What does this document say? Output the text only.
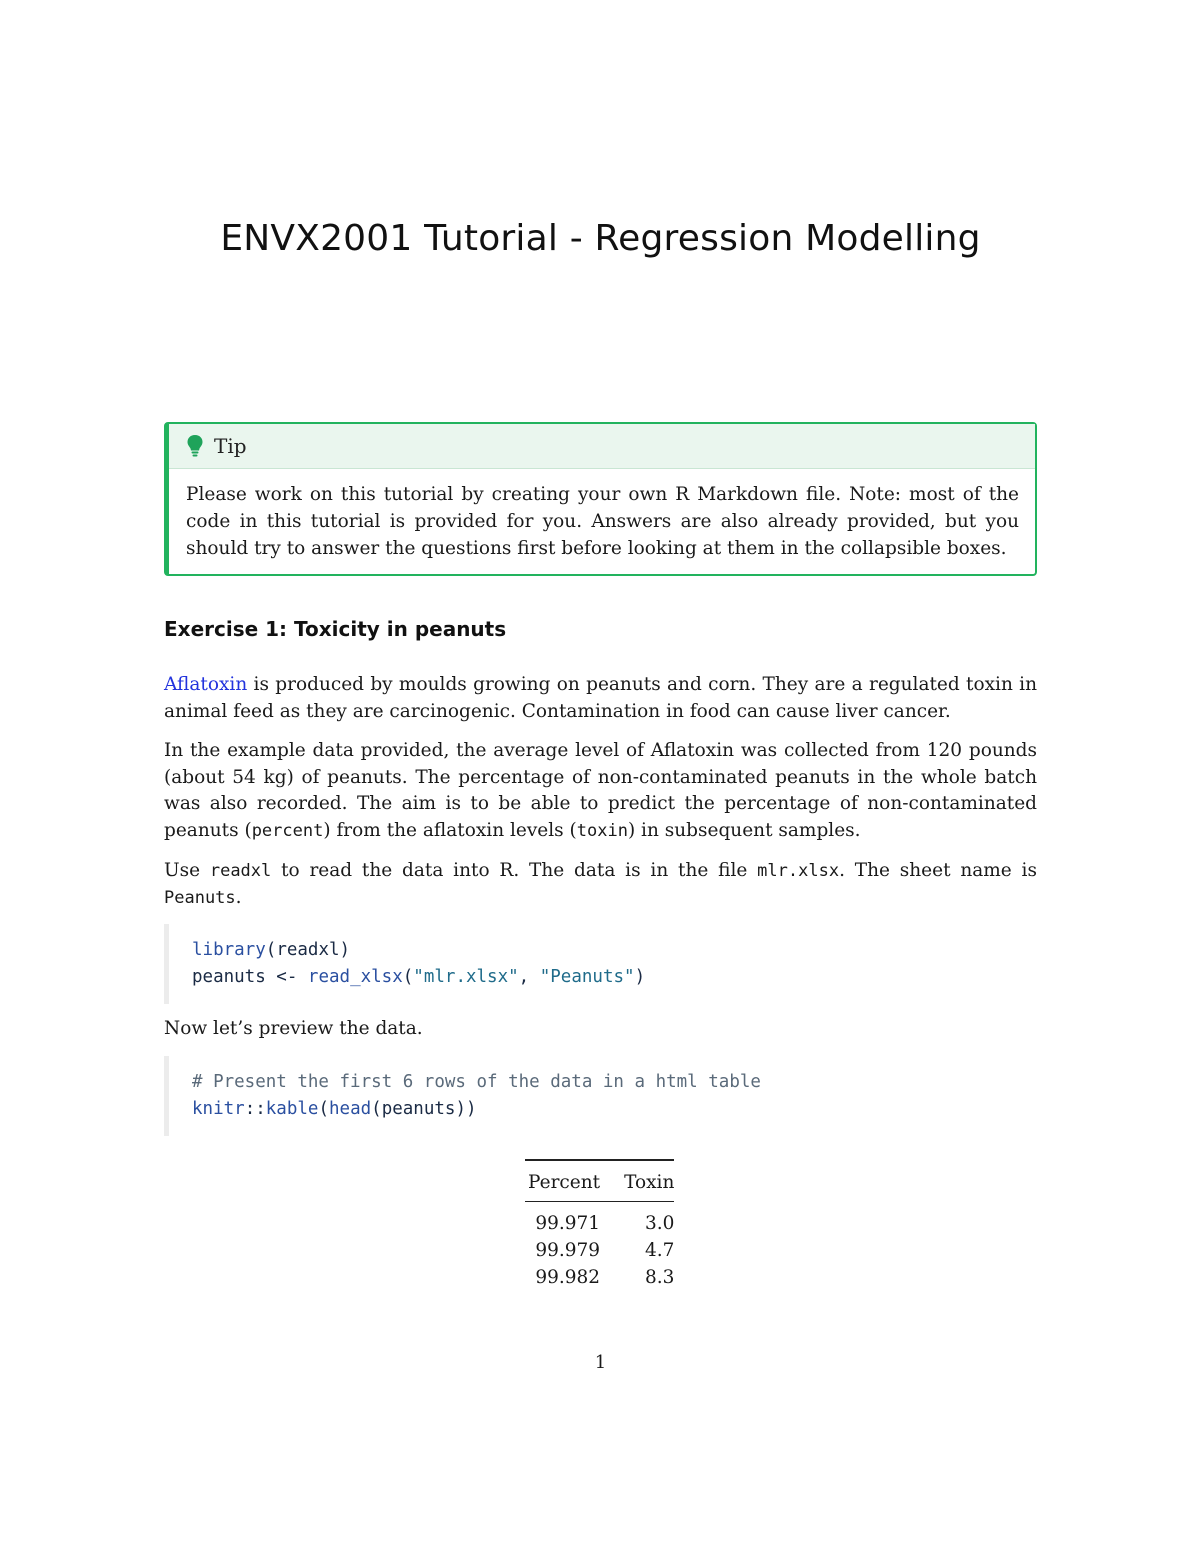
ENVX2001 Tutorial - Regression Modelling
Tip
Please work on this tutorial by creating your own R Markdown file. Note: most of the code in this tutorial is provided for you. Answers are also already provided, but you should try to answer the questions first before looking at them in the collapsible boxes.
Exercise 1: Toxicity in peanuts

Aflatoxin is produced by moulds growing on peanuts and corn. They are a regulated toxin in animal feed as they are carcinogenic. Contamination in food can cause liver cancer.

In the example data provided, the average level of Aflatoxin was collected from 120 pounds (about 54 kg) of peanuts. The percentage of non-contaminated peanuts in the whole batch was also recorded. The aim is to be able to predict the percentage of non-contaminated peanuts (percent) from the aflatoxin levels (toxin) in subsequent samples.

Use readxl to read the data into R. The data is in the file mlr.xlsx. The sheet name is Peanuts.

library(readxl)
peanuts <- read_xlsx("mlr.xlsx", "Peanuts")

Now let’s preview the data.

# Present the first 6 rows of the data in a html table
knitr::kable(head(peanuts))
Percent	Toxin
99.971	3.0
99.979	4.7
99.982	8.3
1
